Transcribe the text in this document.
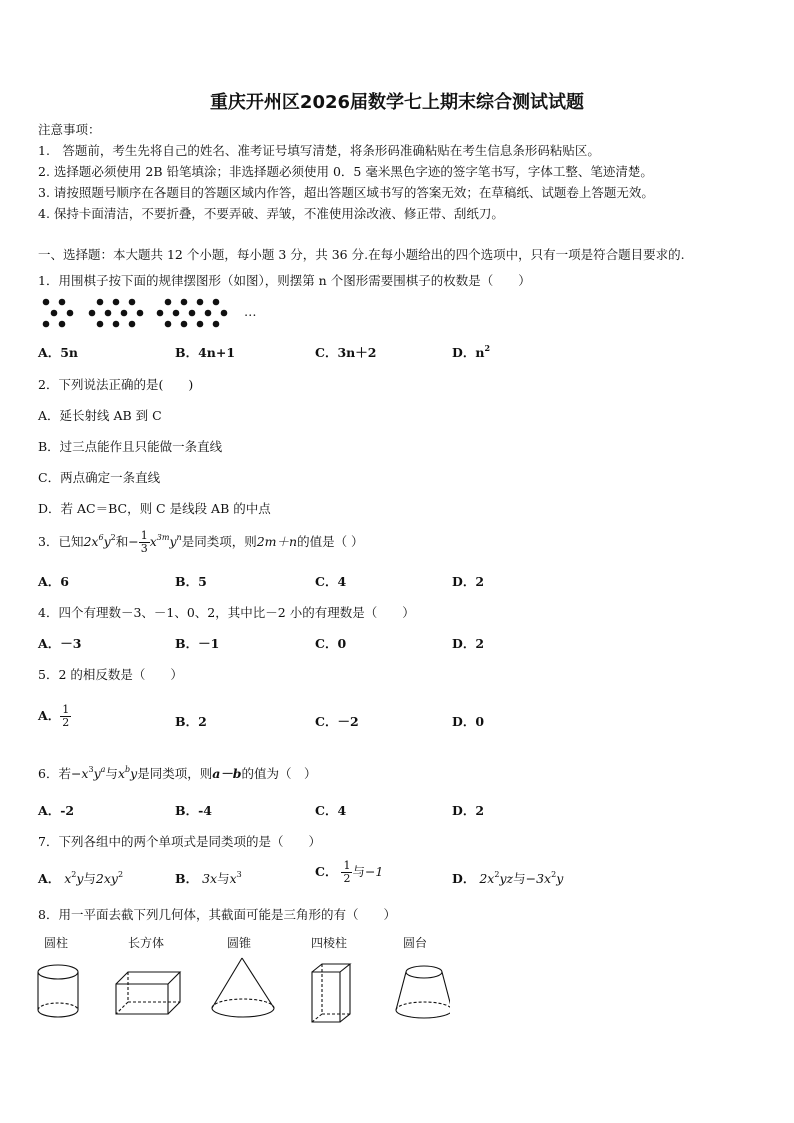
重庆开州区2026届数学七上期末综合测试试题
注意事项：
1.　答题前，考生先将自己的姓名、准考证号填写清楚，将条形码准确粘贴在考生信息条形码粘贴区。
2. 选择题必须使用 2B 铅笔填涂；非选择题必须使用 0．5 毫米黑色字迹的签字笔书写，字体工整、笔迹清楚。
3. 请按照题号顺序在各题目的答题区域内作答，超出答题区域书写的答案无效；在草稿纸、试题卷上答题无效。
4. 保持卡面清洁，不要折叠，不要弄破、弄皱，不准使用涂改液、修正带、刮纸刀。
一、选择题：本大题共 12 个小题，每小题 3 分，共 36 分.在每小题给出的四个选项中，只有一项是符合题目要求的.
1．用围棋子按下面的规律摆图形（如图），则摆第 n 个图形需要围棋子的枚数是（　　）
…
A．5n	B．4n+1	C．3n＋2	D．$n^2$
2．下列说法正确的是(　　)
A．延长射线 AB 到 C
B．过三点能作且只能做一条直线
C．两点确定一条直线
D．若 AC＝BC，则 C 是线段 AB 的中点
3．已知$2x^6y^2$和− $\frac{1}{3} x^{3m}y^n$是同类项，则2m＋n的值是（ ）
A．6	B．5	C．4	D．2
4．四个有理数－3、－1、0、2，其中比－2 小的有理数是（　　）
A．－3	B．－1	C．0	D．2
5．2 的相反数是（　　）
A． $\frac{1}{2}$	B．2	C．－2	D．0
6．若$-x^3y^a$与$x^by$是同类项，则a－b的值为（　）
A．-2	B．-4	C．4	D．2
7．下列各组中的两个单项式是同类项的是（　　）
A． $x^2y$与$2xy^2$	B． 3x与$x^3$	C． $\frac{1}{2}$ 与−1	D． $2x^2yz$与$-3x^2y$
8．用一平面去截下列几何体，其截面可能是三角形的有（　　）
圆柱	长方体	圆锥	四棱柱	圆台
